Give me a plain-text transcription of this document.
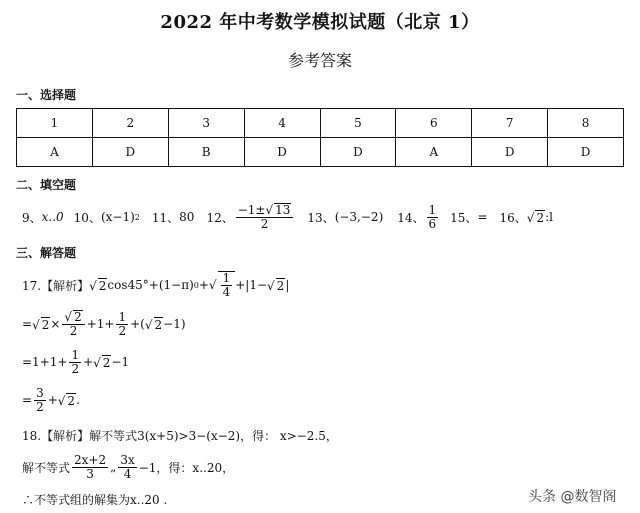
2022 年中考数学模拟试题（北京 1）
参考答案
一、选择题
1	2	3	4	5	6	7	8
A	D	B	D	D	A	D	D
二、填空题
9、 x..0 10、 (x−1) 2 11、 80 12、 $\frac{-1\pm √ 13}{2} 13$、 (−3,−2) 14、 $\frac{1}{6} 15$、 = 16、 √ 2 :l
三、解答题
17.【解析】 √ 2 cos45°+(1−π) 0 + √ $\frac{1}{4} +|1-$ √ 2 |
= √ 2 × √ $\frac{2}{2} +1+ \frac{1}{2}$ +( √ 2 −1)
$=1+1+ \frac{1}{2}$ + √ 2 −1
= $\frac{3}{2}$ + √ 2 .
18.【解析】 解不等式3(x+5)>3−(x−2)，得： x>−2.5，
解不等式 $\frac{2x+2}{3}$ „ $\frac{3x}{4} -1$，得：x..20，
∴不等式组的解集为x..20 .	头条 @数智阁
